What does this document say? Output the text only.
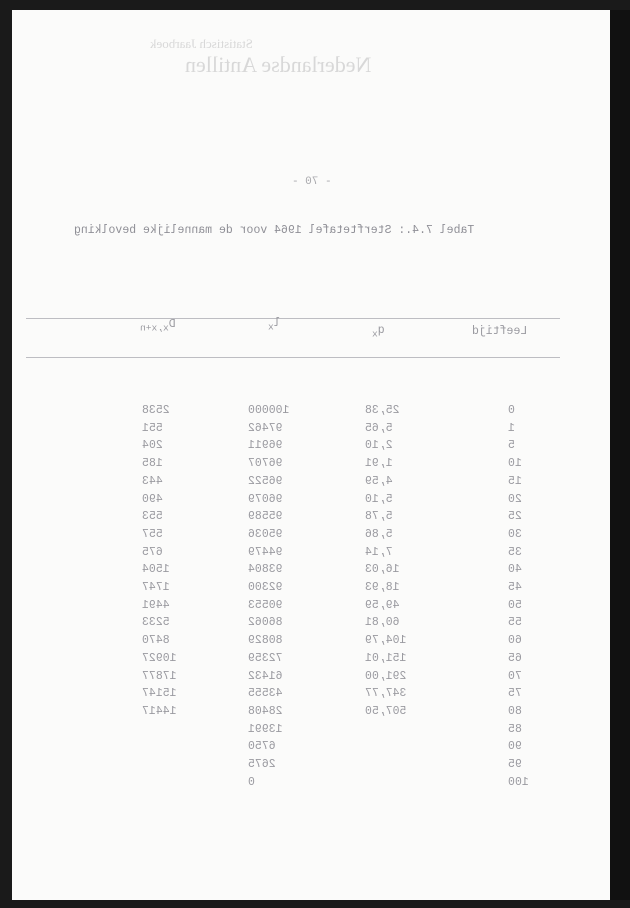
Statistisch Jaarboek
Nederlandse Antillen
- 70 -
Tabel 7.4.: Sterftetafel 1964 voor de mannelijke bevolking
Leeftijd
$q_x$
$l_x$
$D_{x,x+n}$
0
25,38
100000
2538
1
5,65
97462
551
5
2,10
96911
204
10
1,91
96707
185
15
4,59
96522
443
20
5,10
96079
490
25
5,78
95589
553
30
5,86
95036
557
35
7,14
94479
675
40
16,03
93804
1504
45
18,93
92300
1747
50
49,59
90553
4491
55
60,81
86062
5233
60
104,79
80829
8470
65
151,01
72359
10927
70
291,00
61432
17877
75
347,77
43555
15147
80
507,50
28408
14417
85
13991
90
6750
95
2675
100
0
